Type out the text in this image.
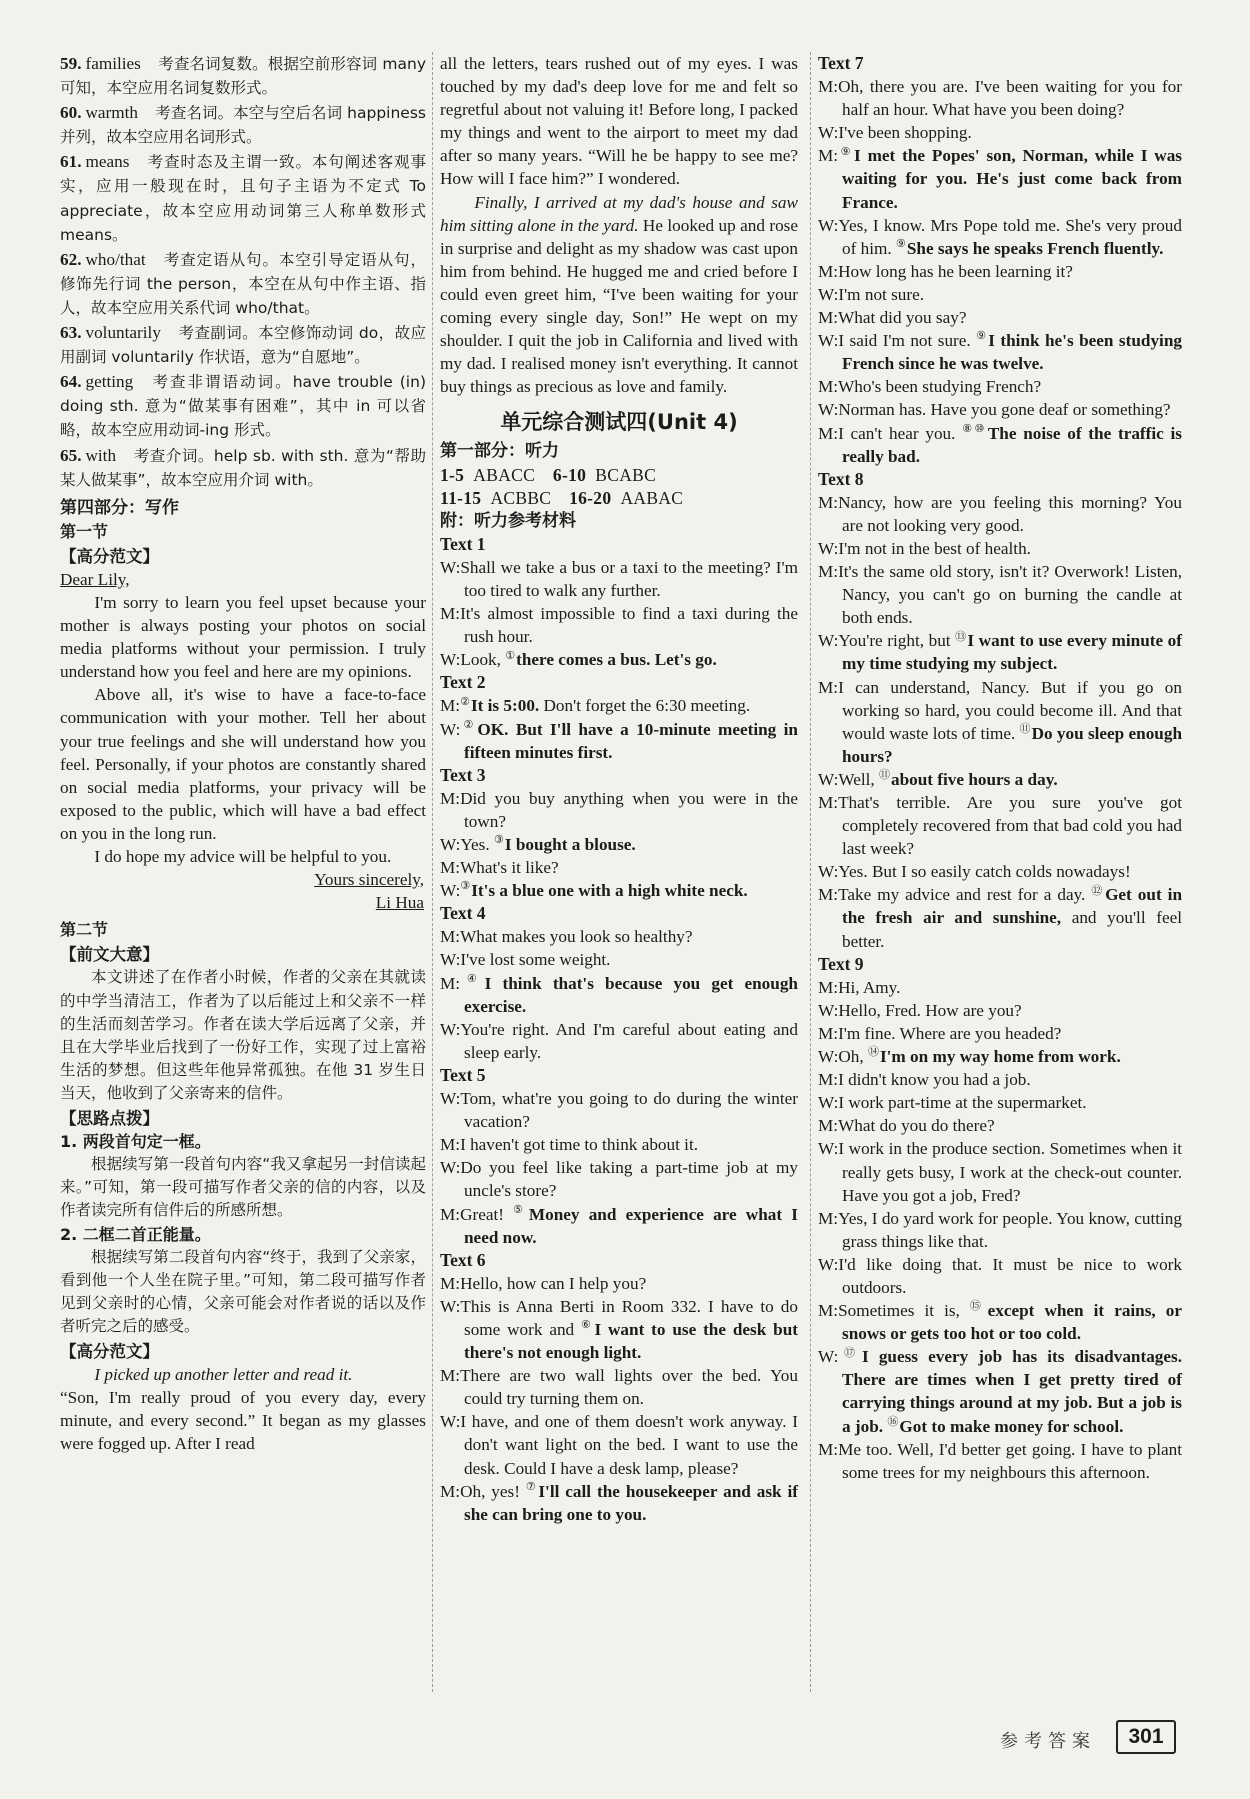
59. families  考查名词复数。根据空前形容词 many 可知，本空应用名词复数形式。

60. warmth  考查名词。本空与空后名词 happiness 并列，故本空应用名词形式。

61. means  考查时态及主谓一致。本句阐述客观事实，应用一般现在时，且句子主语为不定式 To appreciate，故本空应用动词第三人称单数形式 means。

62. who/that  考查定语从句。本空引导定语从句，修饰先行词 the person，本空在从句中作主语、指人，故本空应用关系代词 who/that。

63. voluntarily  考查副词。本空修饰动词 do，故应用副词 voluntarily 作状语，意为“自愿地”。

64. getting  考查非谓语动词。have trouble (in) doing sth. 意为“做某事有困难”，其中 in 可以省略，故本空应用动词-ing 形式。

65. with  考查介词。help sb. with sth. 意为“帮助某人做某事”，故本空应用介词 with。

第四部分：写作
第一节
【高分范文】

Dear Lily,

I'm sorry to learn you feel upset because your mother is always posting your photos on social media platforms without your permission. I truly understand how you feel and here are my opinions.

Above all, it's wise to have a face-to-face communication with your mother. Tell her about your true feelings and she will understand how you feel. Personally, if your photos are constantly shared on social media platforms, your privacy will be exposed to the public, which will have a bad effect on you in the long run.

I do hope my advice will be helpful to you.

Yours sincerely,

Li Hua

第二节
【前文大意】

本文讲述了在作者小时候，作者的父亲在其就读的中学当清洁工，作者为了以后能过上和父亲不一样的生活而刻苦学习。作者在读大学后远离了父亲，并且在大学毕业后找到了一份好工作，实现了过上富裕生活的梦想。但这些年他异常孤独。在他 31 岁生日当天，他收到了父亲寄来的信件。

【思路点拨】
1. 两段首句定一框。

根据续写第一段首句内容“我又拿起另一封信读起来。”可知，第一段可描写作者父亲的信的内容，以及作者读完所有信件后的所感所想。

2. 二框二首正能量。

根据续写第二段首句内容“终于，我到了父亲家，看到他一个人坐在院子里。”可知，第二段可描写作者见到父亲时的心情，父亲可能会对作者说的话以及作者听完之后的感受。

【高分范文】

I picked up another letter and read it.

“Son, I'm really proud of you every day, every minute, and every second.” It began as my glasses were fogged up. After I read

all the letters, tears rushed out of my eyes. I was touched by my dad's deep love for me and felt so regretful about not valuing it! Before long, I packed my things and went to the airport to meet my dad after so many years. “Will he be happy to see me? How will I face him?” I wondered.

Finally, I arrived at my dad's house and saw him sitting alone in the yard. He looked up and rose in surprise and delight as my shadow was cast upon him from behind. He hugged me and cried before I could even greet him, “I've been waiting for your coming every single day, Son!” He wept on my shoulder. I quit the job in California and lived with my dad. I realised money isn't everything. It cannot buy things as precious as love and family.

单元综合测试四(Unit 4)
第一部分：听力
1-5  ABACC  6-10  BCABC 
11-15  ACBBC  16-20  AABAC 
附：听力参考材料
Text 1

W:Shall we take a bus or a taxi to the meeting? I'm too tired to walk any further.

M:It's almost impossible to find a taxi during the rush hour.

W:Look, ①there comes a bus. Let's go.

Text 2

M:②It is 5:00. Don't forget the 6:30 meeting.

W:②OK. But I'll have a 10-minute meeting in fifteen minutes first.

Text 3

M:Did you buy anything when you were in the town?

W:Yes. ③I bought a blouse.

M:What's it like?

W:③It's a blue one with a high white neck.

Text 4

M:What makes you look so healthy?

W:I've lost some weight.

M:④I think that's because you get enough exercise.

W:You're right. And I'm careful about eating and sleep early.

Text 5

W:Tom, what're you going to do during the winter vacation?

M:I haven't got time to think about it.

W:Do you feel like taking a part-time job at my uncle's store?

M:Great! ⑤Money and experience are what I need now.

Text 6

M:Hello, how can I help you?

W:This is Anna Berti in Room 332. I have to do some work and ⑥I want to use the desk but there's not enough light.

M:There are two wall lights over the bed. You could try turning them on.

W:I have, and one of them doesn't work anyway. I don't want light on the bed. I want to use the desk. Could I have a desk lamp, please?

M:Oh, yes! ⑦I'll call the housekeeper and ask if she can bring one to you.

Text 7

M:Oh, there you are. I've been waiting for you for half an hour. What have you been doing?

W:I've been shopping.

M:⑨I met the Popes' son, Norman, while I was waiting for you. He's just come back from France.

W:Yes, I know. Mrs Pope told me. She's very proud of him. ⑨She says he speaks French fluently.

M:How long has he been learning it?

W:I'm not sure.

M:What did you say?

W:I said I'm not sure. ⑨I think he's been studying French since he was twelve.

M:Who's been studying French?

W:Norman has. Have you gone deaf or something?

M:I can't hear you. ⑧⑩The noise of the traffic is really bad.

Text 8

M:Nancy, how are you feeling this morning? You are not looking very good.

W:I'm not in the best of health.

M:It's the same old story, isn't it? Overwork! Listen, Nancy, you can't go on burning the candle at both ends.

W:You're right, but ⑬I want to use every minute of my time studying my subject.

M:I can understand, Nancy. But if you go on working so hard, you could become ill. And that would waste lots of time. ⑪Do you sleep enough hours?

W:Well, ⑪about five hours a day.

M:That's terrible. Are you sure you've got completely recovered from that bad cold you had last week?

W:Yes. But I so easily catch colds nowadays!

M:Take my advice and rest for a day. ⑫Get out in the fresh air and sunshine, and you'll feel better.

Text 9

M:Hi, Amy.

W:Hello, Fred. How are you?

M:I'm fine. Where are you headed?

W:Oh, ⑭I'm on my way home from work.

M:I didn't know you had a job.

W:I work part-time at the supermarket.

M:What do you do there?

W:I work in the produce section. Sometimes when it really gets busy, I work at the check-out counter. Have you got a job, Fred?

M:Yes, I do yard work for people. You know, cutting grass things like that.

W:I'd like doing that. It must be nice to work outdoors.

M:Sometimes it is, ⑮except when it rains, or snows or gets too hot or too cold.

W:⑰I guess every job has its disadvantages. There are times when I get pretty tired of carrying things around at my job. But a job is a job. ⑯Got to make money for school.

M:Me too. Well, I'd better get going. I have to plant some trees for my neighbours this afternoon.

参考答案	301
